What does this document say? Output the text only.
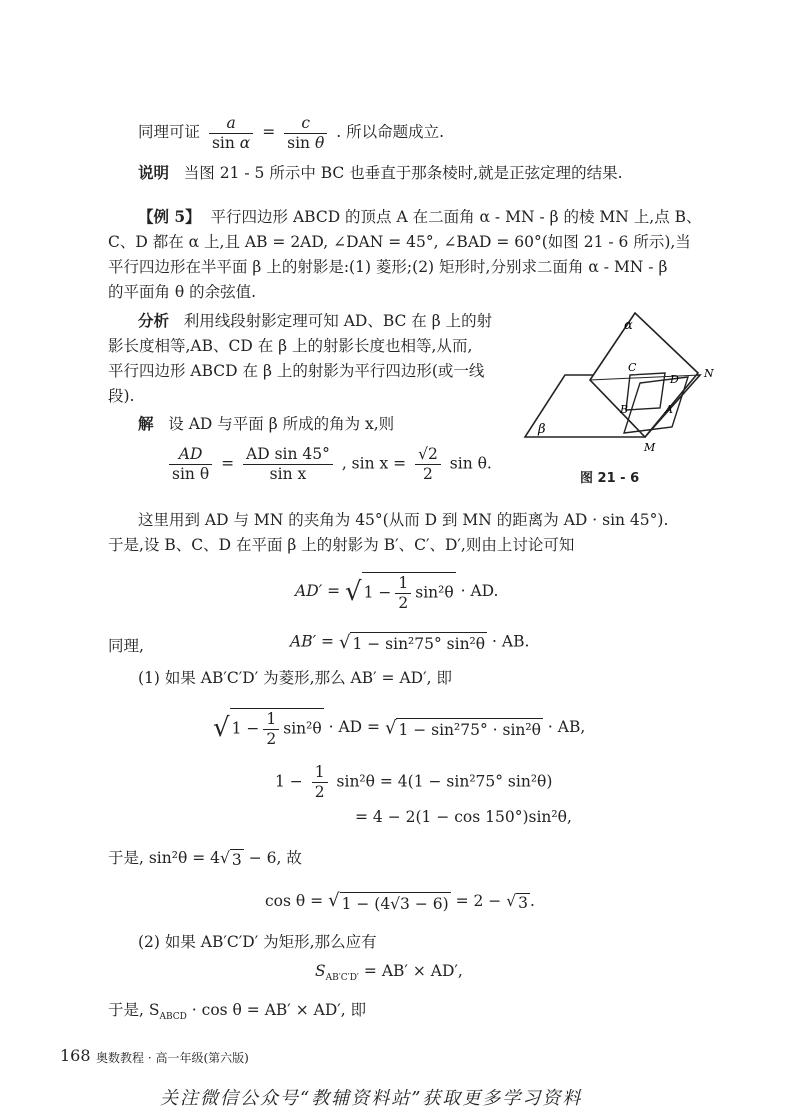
同理可证 $\frac{a}{\text{sin α}} = \frac{c}{\text{sin θ}}$ . 所以命题成立.
说明 当图 21 - 5 所示中 BC 也垂直于那条棱时,就是正弦定理的结果.
【例 5】 平行四边形 ABCD 的顶点 A 在二面角 α - MN - β 的棱 MN 上,点 B、
C、D 都在 α 上,且 AB = 2AD, ∠DAN = 45°, ∠BAD = 60°(如图 21 - 6 所示),当
平行四边形在半平面 β 上的射影是:(1) 菱形;(2) 矩形时,分别求二面角 α - MN - β
的平面角 θ 的余弦值.
分析 利用线段射影定理可知 AD、BC 在 β 上的射
影长度相等,AB、CD 在 β 上的射影长度也相等,从而,
平行四边形 ABCD 在 β 上的射影为平行四边形(或一线
段).
解 设 AD 与平面 β 所成的角为 x,则
$\frac{AD}{\text{sin θ}} = \frac{\text{AD sin 45°}}{\text{sin x}}$ , $\sin x = \frac{√2}{2}$ sin θ.
α
β
C
D N
B	A
M
图 21 - 6
这里用到 AD 与 MN 的夹角为 45°(从而 D 到 MN 的距离为 AD · sin 45°).
于是,设 B、C、D 在平面 β 上的射影为 B′、C′、D′,则由上讨论可知
AD′ = √ $1 - \frac{1}{2} \sin^2\theta$ · AD.
同理,	AB′ = √ 1 − sin²75° sin²θ · AB.
(1) 如果 AB′C′D′ 为菱形,那么 AB′ = AD′, 即
√ $1 - \frac{1}{2} \sin^2\theta$ · AD = √ 1 − sin²75° · sin²θ · AB,
$1 - \frac{1}{2} \sin^2\theta = 4(1 - \sin^275^\circ$ sin²θ)
= 4 − 2(1 − cos 150°)sin²θ,
于是, sin²θ = 4√ 3 − 6, 故
cos θ = √ 1 − (4√3 − 6) = 2 − √ 3 .
(2) 如果 AB′C′D′ 为矩形,那么应有
$S_{AB'C'D'} = AB' \times AD'$,
于是, $S_{ABCD} \cdot \cos \theta = AB' \times AD'$, 即
168 奥数教程 · 高一年级(第六版)
关注微信公众号“教辅资料站”获取更多学习资料
